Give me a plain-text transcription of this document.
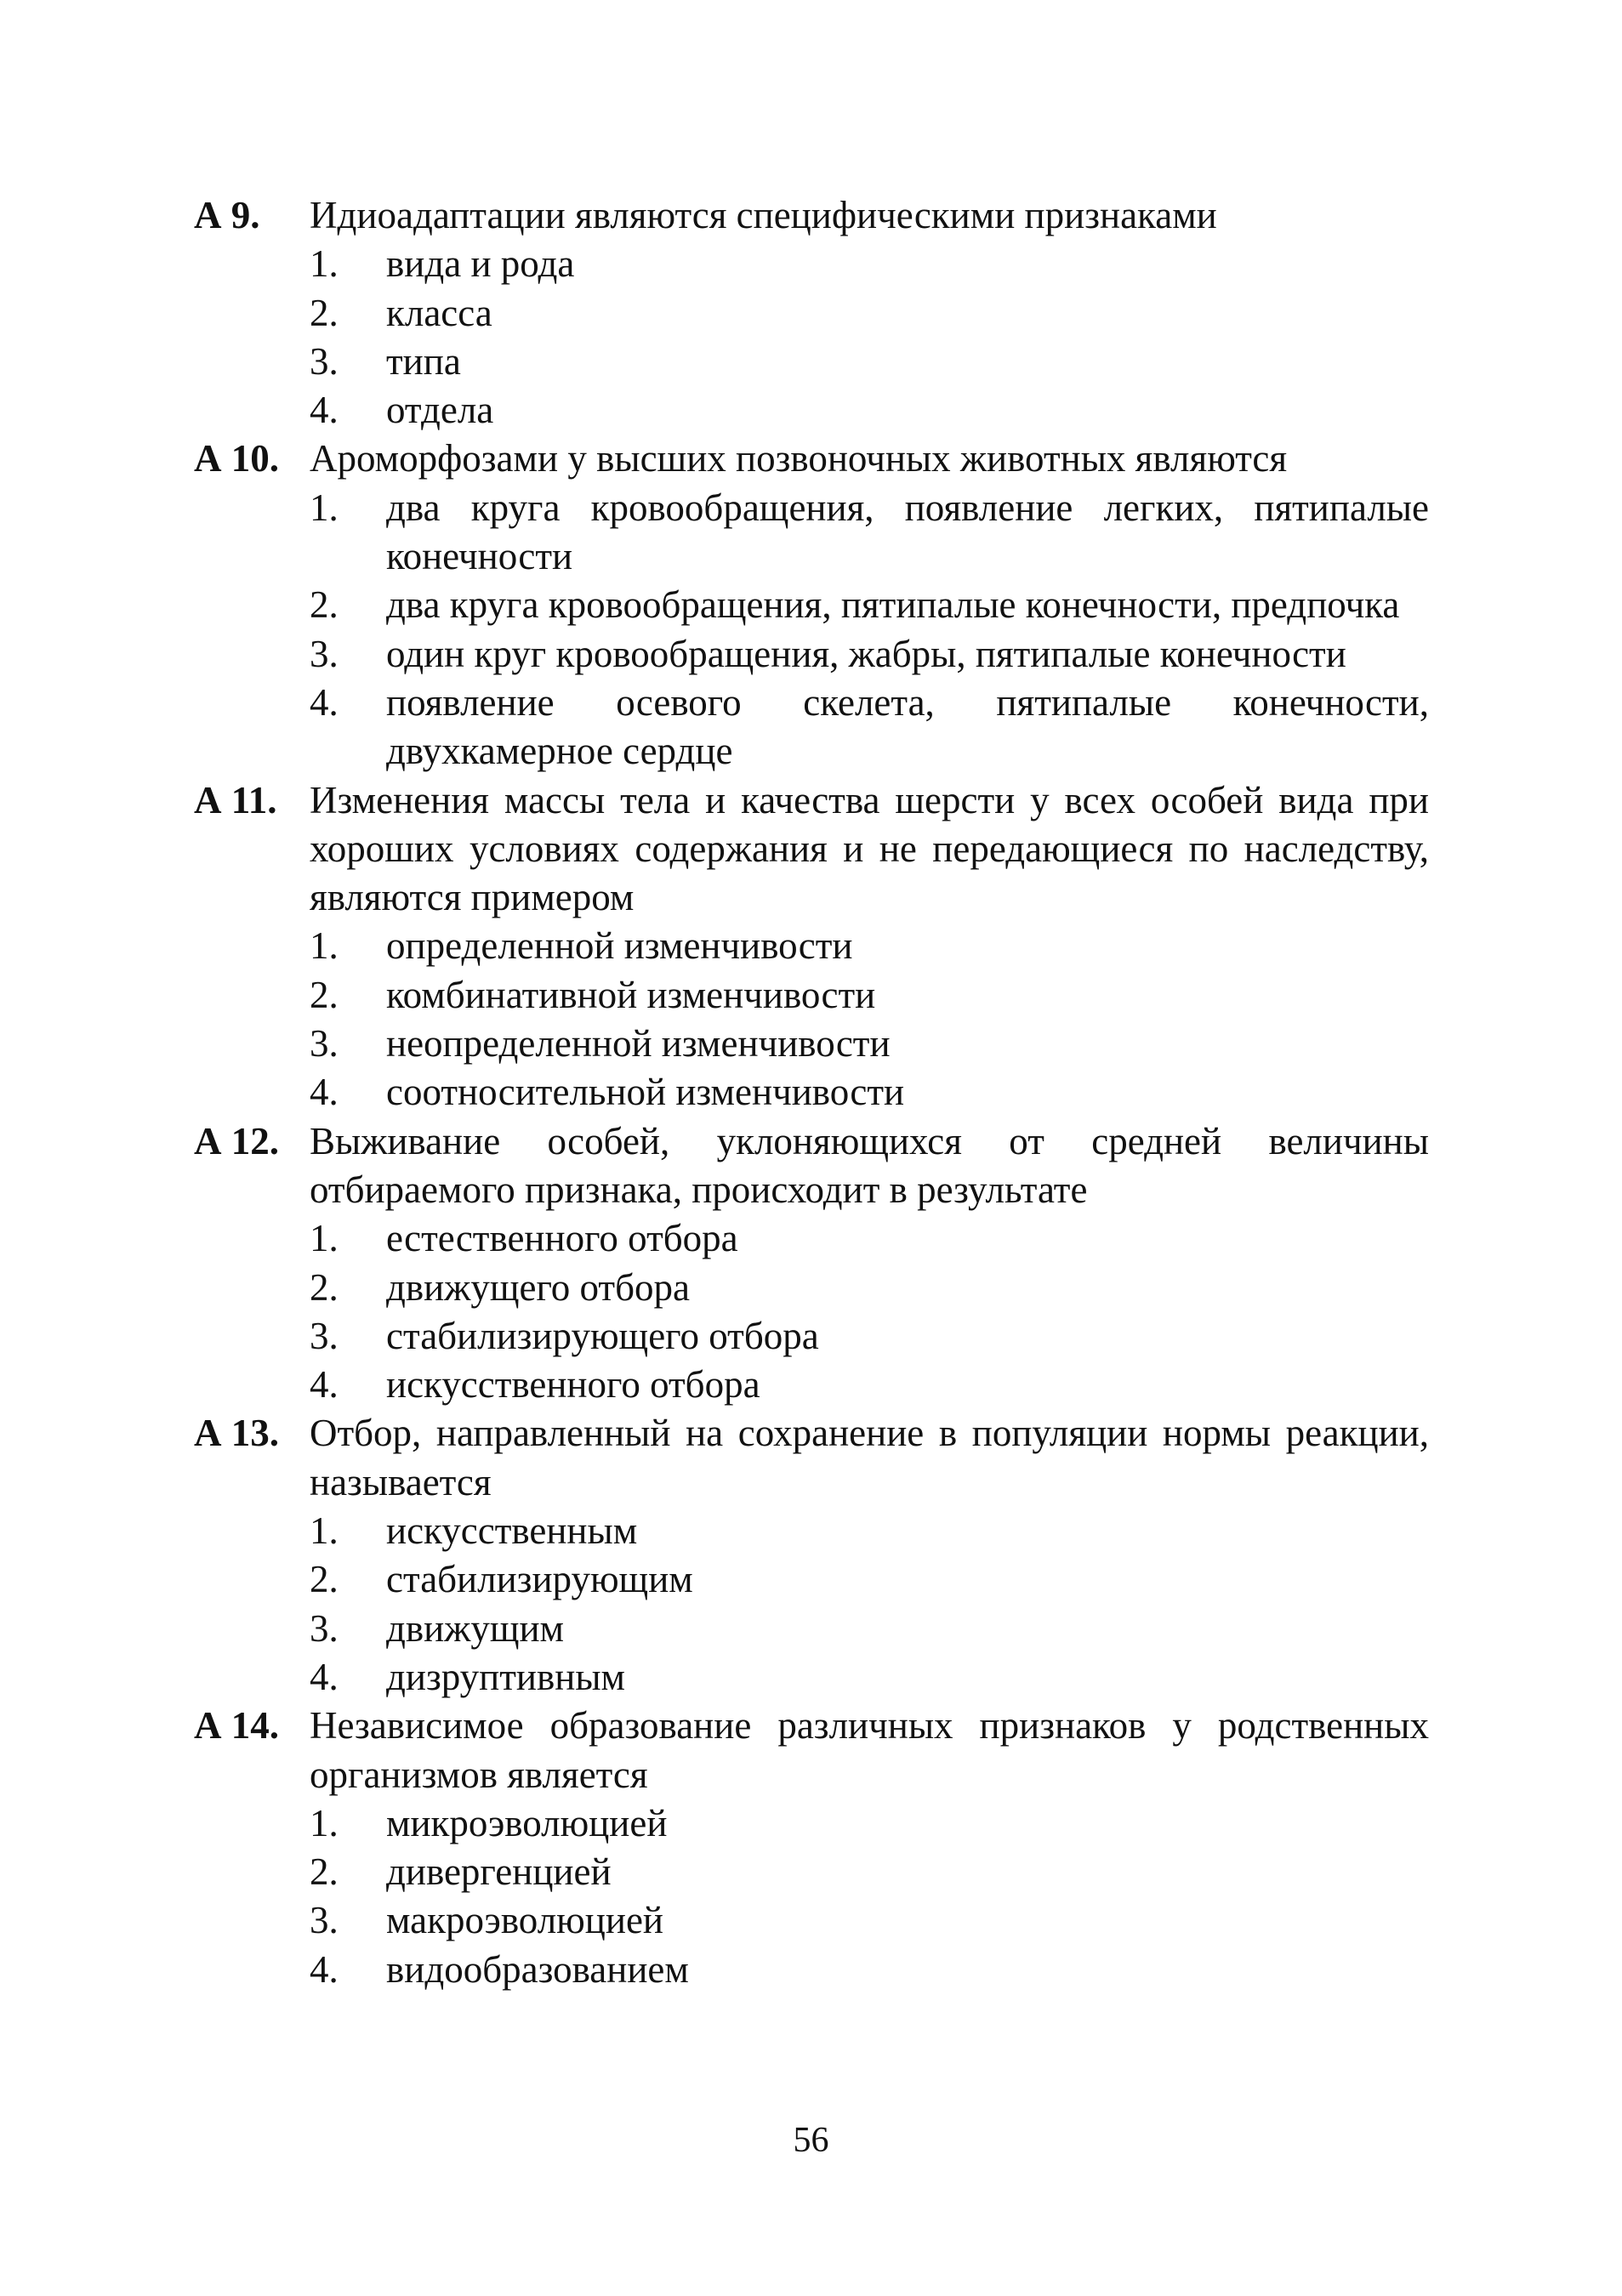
А 9. Идиоадаптации являются специфическими признаками
1. вида и рода
2. класса
3. типа
4. отдела
А 10. Ароморфозами у высших позвоночных животных являются
1. два круга кровообращения, появление легких, пятипалые конечности
2. два круга кровообращения, пятипалые конечности, предпочка
3. один круг кровообращения, жабры, пятипалые конечности
4. появление осевого скелета, пятипалые конечности, двухкамерное сердце
А 11. Изменения массы тела и качества шерсти у всех особей вида при хороших условиях содержания и не передающиеся по наследству, являются примером
1. определенной изменчивости
2. комбинативной изменчивости
3. неопределенной изменчивости
4. соотносительной изменчивости
А 12. Выживание особей, уклоняющихся от средней величины отбираемого признака, происходит в результате
1. естественного отбора
2. движущего отбора
3. стабилизирующего отбора
4. искусственного отбора
А 13. Отбор, направленный на сохранение в популяции нормы реакции, называется
1. искусственным
2. стабилизирующим
3. движущим
4. дизруптивным
А 14. Независимое образование различных признаков у родственных организмов является
1. микроэволюцией
2. дивергенцией
3. макроэволюцией
4. видообразованием
56
